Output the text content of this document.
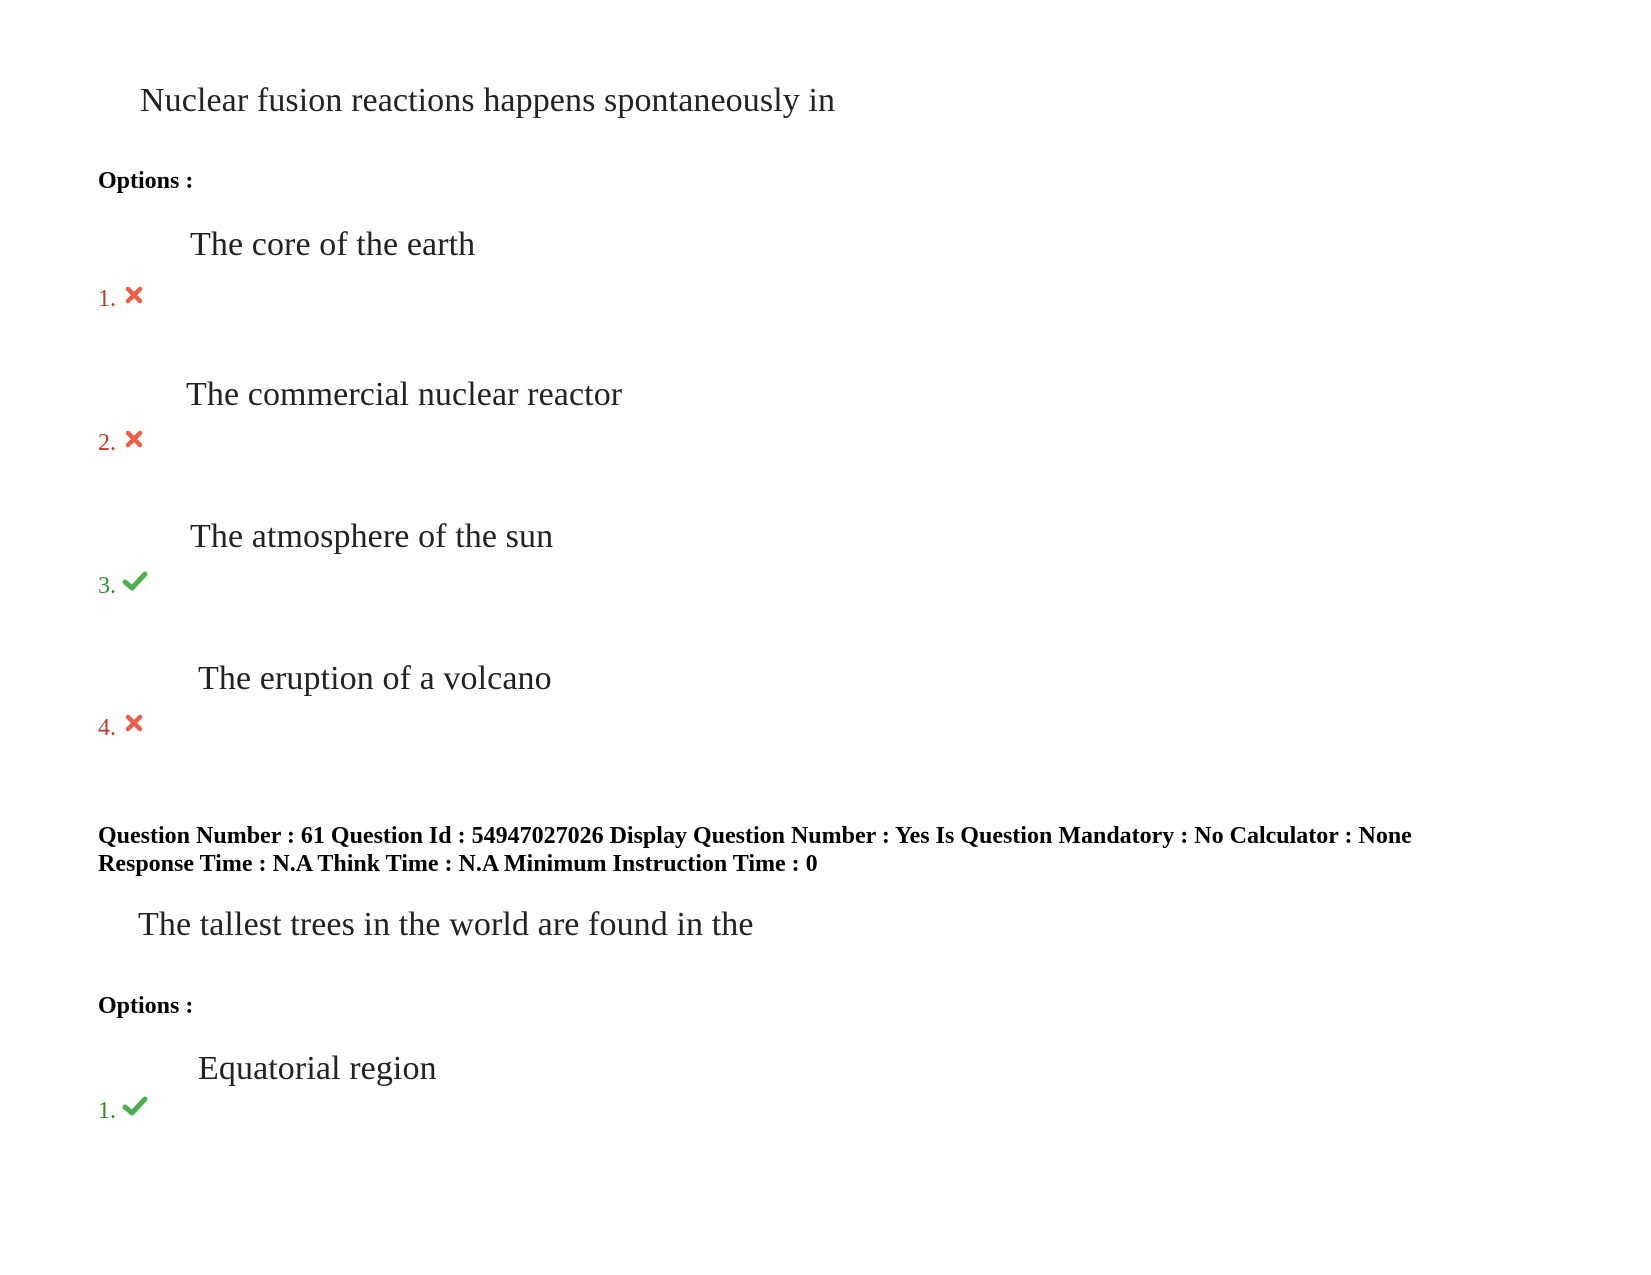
Nuclear fusion reactions happens spontaneously in
Options :
The core of the earth
1.
The commercial nuclear reactor
2.
The atmosphere of the sun
3.
The eruption of a volcano
4.
Question Number : 61 Question Id : 54947027026 Display Question Number : Yes Is Question Mandatory : No Calculator : None
Response Time : N.A Think Time : N.A Minimum Instruction Time : 0
The tallest trees in the world are found in the
Options :
Equatorial region
1.
